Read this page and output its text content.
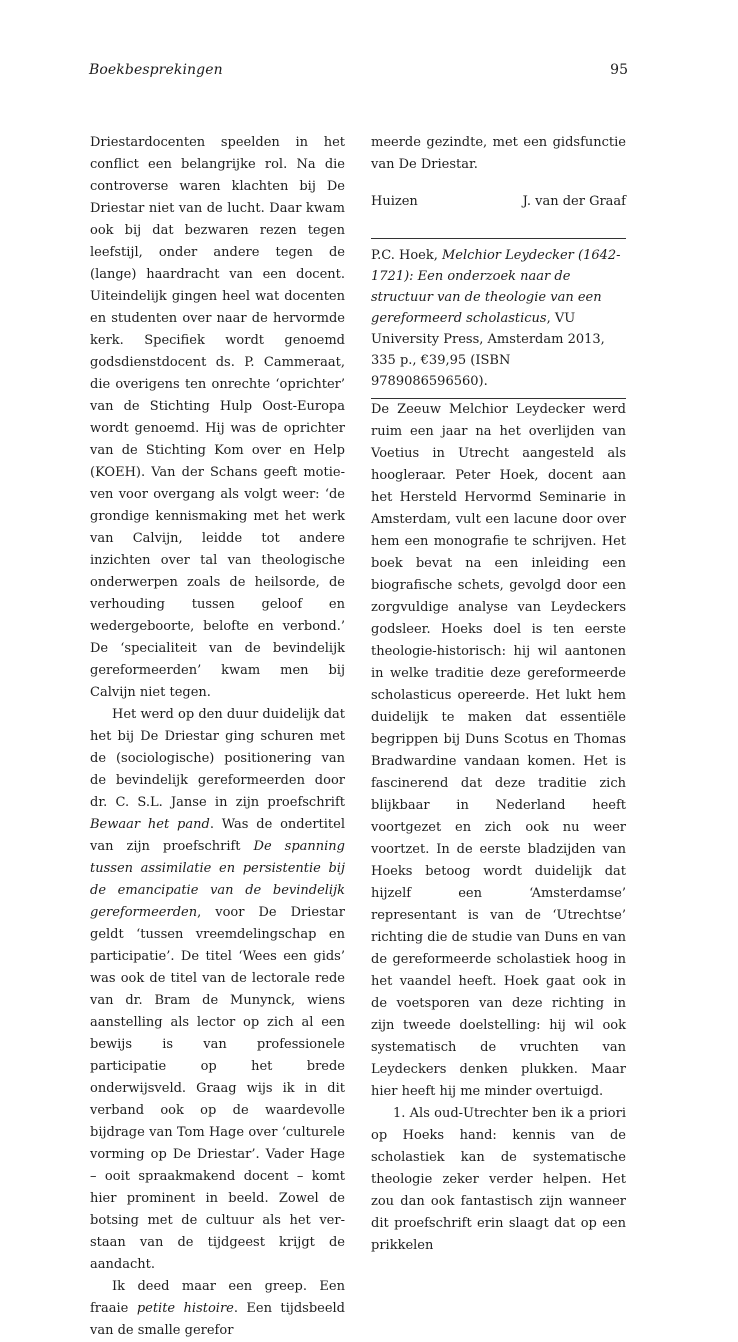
Boekbesprekingen	95

Driestardocenten speelden in het conflict een belangrijke rol. Na die controverse waren klachten bij De Driestar niet van de lucht. Daar kwam ook bij dat bezwaren rezen tegen leefstijl, onder andere tegen de (lange) haardracht van een docent. Uiteindelijk gingen heel wat docenten en studenten over naar de hervormde kerk. Specifiek wordt genoemd godsdienstdocent ds. P. Cammeraat, die overigens ten onrechte ‘oprichter’ van de Stichting Hulp Oost-Europa wordt genoemd. Hij was de oprichter van de Stichting Kom over en Help (KOEH). Van der Schans geeft motieven voor overgang als volgt weer: ‘de grondige kennismaking met het werk van Calvijn, leidde tot andere inzichten over tal van theologische onderwerpen zoals de heilsorde, de verhouding tussen geloof en wedergeboorte, belofte en verbond.’ De ‘specialiteit van de bevindelijk gereformeerden’ kwam men bij Calvijn niet tegen.

Het werd op den duur duidelijk dat het bij De Driestar ging schuren met de (sociologische) positionering van de bevindelijk gereformeerden door dr. C. S.L. Janse in zijn proefschrift Bewaar het pand. Was de ondertitel van zijn proefschrift De spanning tussen assimilatie en persistentie bij de emancipatie van de bevindelijk gereformeerden, voor De Driestar geldt ‘tussen vreemdelingschap en participatie’. De titel ‘Wees een gids’ was ook de titel van de lectorale rede van dr. Bram de Munynck, wiens aanstelling als lector op zich al een bewijs is van professionele participatie op het brede onderwijsveld. Graag wijs ik in dit verband ook op de waardevolle bijdrage van Tom Hage over ‘culturele vorming op De Driestar’. Vader Hage – ooit spraakmakend docent – komt hier prominent in beeld. Zowel de botsing met de cultuur als het verstaan van de tijdgeest krijgt de aandacht.

Ik deed maar een greep. Een fraaie petite histoire. Een tijdsbeeld van de smalle gerefor

meerde gezindte, met een gidsfunctie van De Driestar.

Huizen	J. van der Graaf
P.C. Hoek, Melchior Leydecker (1642-1721): Een onderzoek naar de structuur van de theologie van een gereformeerd scholasticus, VU University Press, Amsterdam 2013,
335 p., €39,95 (ISBN 9789086596560).

De Zeeuw Melchior Leydecker werd ruim een jaar na het overlijden van Voetius in Utrecht aangesteld als hoogleraar. Peter Hoek, docent aan het Hersteld Hervormd Seminarie in Amsterdam, vult een lacune door over hem een monografie te schrijven. Het boek bevat na een inleiding een biografische schets, gevolgd door een zorgvuldige analyse van Leydeckers godsleer. Hoeks doel is ten eerste theologie-historisch: hij wil aantonen in welke traditie deze gereformeerde scholasticus opereerde. Het lukt hem duidelijk te maken dat essentiële begrippen bij Duns Scotus en Thomas Bradwardine vandaan komen. Het is fascinerend dat deze traditie zich blijkbaar in Nederland heeft voortgezet en zich ook nu weer voortzet. In de eerste bladzijden van Hoeks betoog wordt duidelijk dat hijzelf een ‘Amsterdamse’ representant is van de ‘Utrechtse’ richting die de studie van Duns en van de gereformeerde scholastiek hoog in het vaandel heeft. Hoek gaat ook in de voetsporen van deze richting in zijn tweede doelstelling: hij wil ook systematisch de vruchten van Leydeckers denken plukken. Maar hier heeft hij me minder overtuigd.

1. Als oud-Utrechter ben ik a priori op Hoeks hand: kennis van de scholastiek kan de systematische theologie zeker verder helpen. Het zou dan ook fantastisch zijn wanneer dit proefschrift erin slaagt dat op een prikkelen
